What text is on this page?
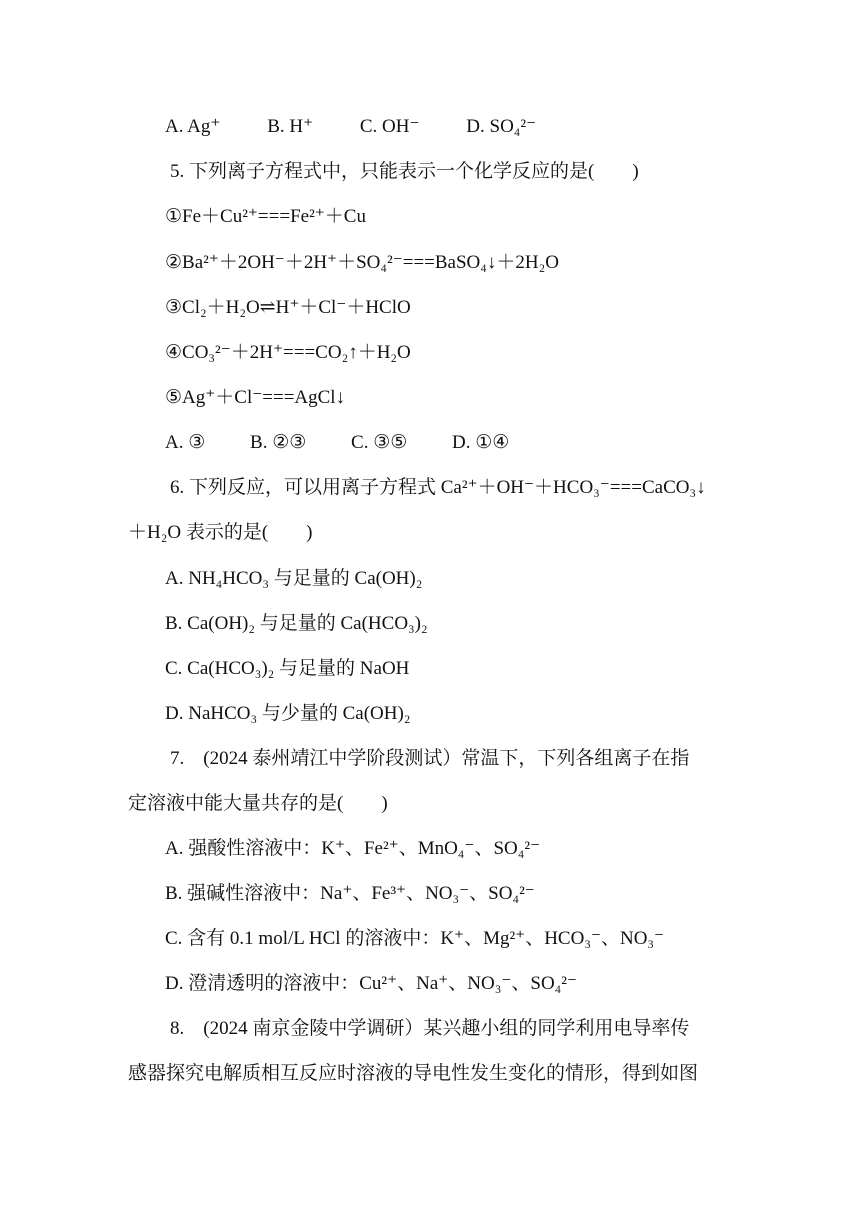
A. Ag⁺ B. H⁺ C. OH⁻ D. SO₄²⁻
5. 下列离子方程式中，只能表示一个化学反应的是(　　)
①Fe＋Cu²⁺===Fe²⁺＋Cu
②Ba²⁺＋2OH⁻＋2H⁺＋SO₄²⁻===BaSO₄↓＋2H₂O
③Cl₂＋H₂O⇌H⁺＋Cl⁻＋HClO
④CO₃²⁻＋2H⁺===CO₂↑＋H₂O
⑤Ag⁺＋Cl⁻===AgCl↓
A. ③ B. ②③ C. ③⑤ D. ①④
6. 下列反应，可以用离子方程式 Ca²⁺＋OH⁻＋HCO₃⁻===CaCO₃↓
＋H₂O 表示的是(　　)
A. NH₄HCO₃ 与足量的 Ca(OH)₂
B. Ca(OH)₂ 与足量的 Ca(HCO₃)₂
C. Ca(HCO₃)₂ 与足量的 NaOH
D. NaHCO₃ 与少量的 Ca(OH)₂
7.　(2024 泰州靖江中学阶段测试）常温下，下列各组离子在指
定溶液中能大量共存的是(　　)
A. 强酸性溶液中：K⁺、Fe²⁺、MnO₄⁻、SO₄²⁻
B. 强碱性溶液中：Na⁺、Fe³⁺、NO₃⁻、SO₄²⁻
C. 含有 0.1 mol/L HCl 的溶液中：K⁺、Mg²⁺、HCO₃⁻、NO₃⁻
D. 澄清透明的溶液中：Cu²⁺、Na⁺、NO₃⁻、SO₄²⁻
8.　(2024 南京金陵中学调研）某兴趣小组的同学利用电导率传
感器探究电解质相互反应时溶液的导电性发生变化的情形，得到如图
